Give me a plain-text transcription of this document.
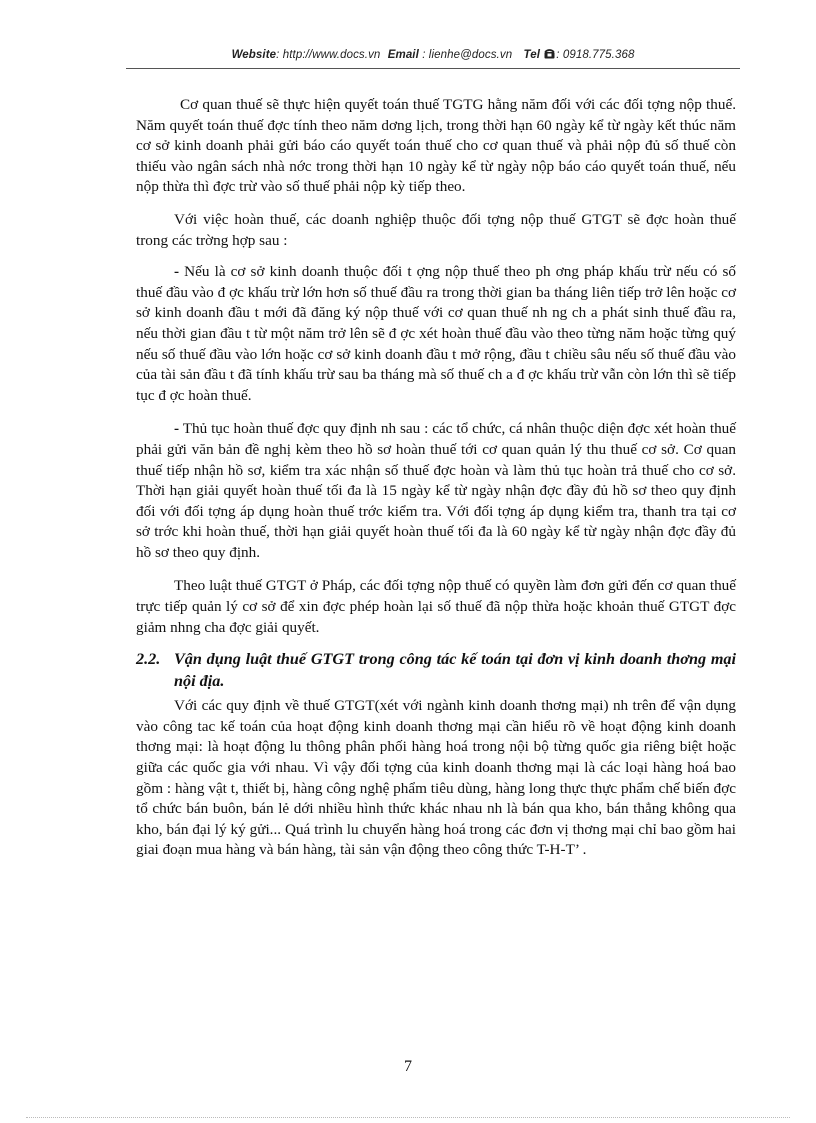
Website: http://www.docs.vn Email : lienhe@docs.vn Tel : 0918.775.368

Cơ quan thuế sẽ thực hiện quyết toán thuế TGTG hằng năm đối với các đối tợng nộp thuế. Năm quyết toán thuế đợc tính theo năm dơng lịch, trong thời hạn 60 ngày kể từ ngày kết thúc năm cơ sở kinh doanh phải gửi báo cáo quyết toán thuế cho cơ quan thuế và phải nộp đủ số thuế còn thiếu vào ngân sách nhà nớc trong thời hạn 10 ngày kể từ ngày nộp báo cáo quyết toán thuế, nếu nộp thừa thì đợc trừ vào số thuế phải nộp kỳ tiếp theo.

Với việc hoàn thuế, các doanh nghiệp thuộc đối tợng nộp thuế GTGT sẽ đợc hoàn thuế trong các trờng hợp sau :

- Nếu là cơ sở kinh doanh thuộc đối t ợng nộp thuế theo ph ơng pháp khấu trừ nếu có số thuế đầu vào đ ợc khấu trừ lớn hơn số thuế đầu ra trong thời gian ba tháng liên tiếp trở lên hoặc cơ sở kinh doanh đầu t mới đã đăng ký nộp thuế với cơ quan thuế nh ng ch a phát sinh thuế đầu ra, nếu thời gian đầu t từ một năm trở lên sẽ đ ợc xét hoàn thuế đầu vào theo từng năm hoặc từng quý nếu số thuế đầu vào lớn hoặc cơ sở kinh doanh đầu t mở rộng, đầu t chiều sâu nếu số thuế đầu vào của tài sản đầu t đã tính khấu trừ sau ba tháng mà số thuế ch a đ ợc khấu trừ vẫn còn lớn thì sẽ tiếp tục đ ợc hoàn thuế.

- Thủ tục hoàn thuế đợc quy định nh sau : các tổ chức, cá nhân thuộc diện đợc xét hoàn thuế phải gửi văn bản đề nghị kèm theo hồ sơ hoàn thuế tới cơ quan quản lý thu thuế cơ sở. Cơ quan thuế tiếp nhận hồ sơ, kiểm tra xác nhận số thuế đợc hoàn và làm thủ tục hoàn trả thuế cho cơ sở. Thời hạn giải quyết hoàn thuế tối đa là 15 ngày kể từ ngày nhận đợc đầy đủ hồ sơ theo quy định đối với đối tợng áp dụng hoàn thuế trớc kiểm tra. Với đối tợng áp dụng kiểm tra, thanh tra tại cơ sở trớc khi hoàn thuế, thời hạn giải quyết hoàn thuế tối đa là 60 ngày kể từ ngày nhận đợc đầy đủ hồ sơ theo quy định.

Theo luật thuế GTGT ở Pháp, các đối tợng nộp thuế có quyền làm đơn gửi đến cơ quan thuế trực tiếp quản lý cơ sở để xin đợc phép hoàn lại số thuế đã nộp thừa hoặc khoản thuế GTGT đợc giảm nhng cha đợc giải quyết.

2.2. Vận dụng luật thuế GTGT trong công tác kế toán tại đơn vị kinh doanh thơng mại nội địa.

Với các quy định về thuế GTGT(xét với ngành kinh doanh thơng mại) nh trên để vận dụng vào công tac kế toán của hoạt động kinh doanh thơng mại cần hiểu rõ về hoạt động kinh doanh thơng mại: là hoạt động lu thông phân phối hàng hoá trong nội bộ từng quốc gia riêng biệt hoặc giữa các quốc gia với nhau. Vì vậy đối tợng của kinh doanh thơng mại là các loại hàng hoá bao gồm : hàng vật t, thiết bị, hàng công nghệ phẩm tiêu dùng, hàng long thực thực phẩm chế biến đợc tổ chức bán buôn, bán lẻ dới nhiều hình thức khác nhau nh là bán qua kho, bán thẳng không qua kho, bán đại lý ký gửi... Quá trình lu chuyển hàng hoá trong các đơn vị thơng mại chỉ bao gồm hai giai đoạn mua hàng và bán hàng, tài sản vận động theo công thức T-H-T’ .

7
